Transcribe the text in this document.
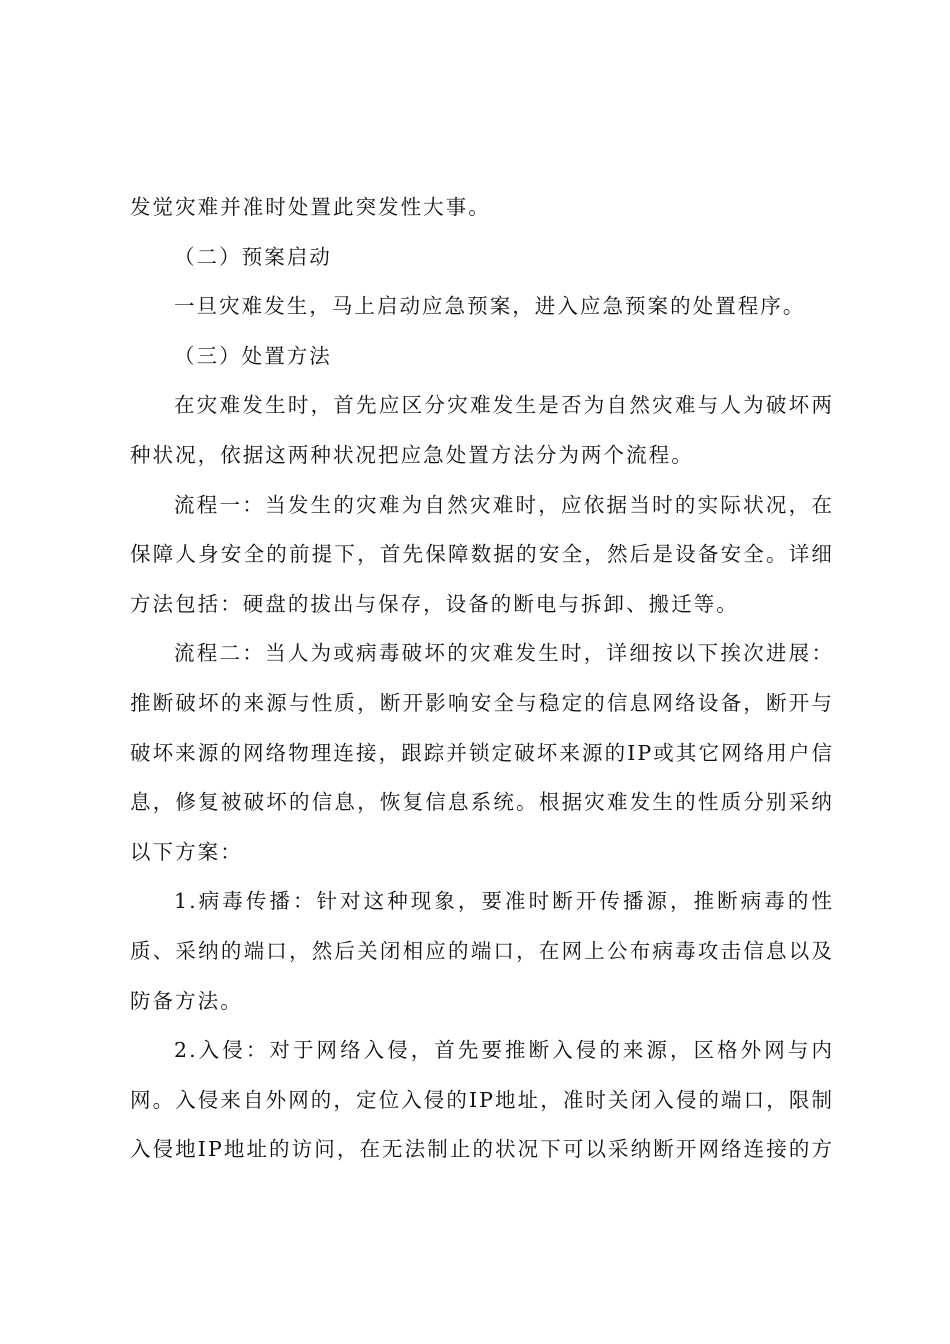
发觉灾难并准时处置此突发性大事。

（二）预案启动

一旦灾难发生，马上启动应急预案，进入应急预案的处置程序。

（三）处置方法

在灾难发生时，首先应区分灾难发生是否为自然灾难与人为破坏两

种状况，依据这两种状况把应急处置方法分为两个流程。

流程一：当发生的灾难为自然灾难时，应依据当时的实际状况，在

保障人身安全的前提下，首先保障数据的安全，然后是设备安全。详细

方法包括：硬盘的拔出与保存，设备的断电与拆卸、搬迁等。

流程二：当人为或病毒破坏的灾难发生时，详细按以下挨次进展：

推断破坏的来源与性质，断开影响安全与稳定的信息网络设备，断开与

破坏来源的网络物理连接，跟踪并锁定破坏来源的IP或其它网络用户信

息，修复被破坏的信息，恢复信息系统。根据灾难发生的性质分别采纳

以下方案：

1.病毒传播：针对这种现象，要准时断开传播源，推断病毒的性

质、采纳的端口，然后关闭相应的端口，在网上公布病毒攻击信息以及

防备方法。

2.入侵：对于网络入侵，首先要推断入侵的来源，区格外网与内

网。入侵来自外网的，定位入侵的IP地址，准时关闭入侵的端口，限制

入侵地IP地址的访问，在无法制止的状况下可以采纳断开网络连接的方
